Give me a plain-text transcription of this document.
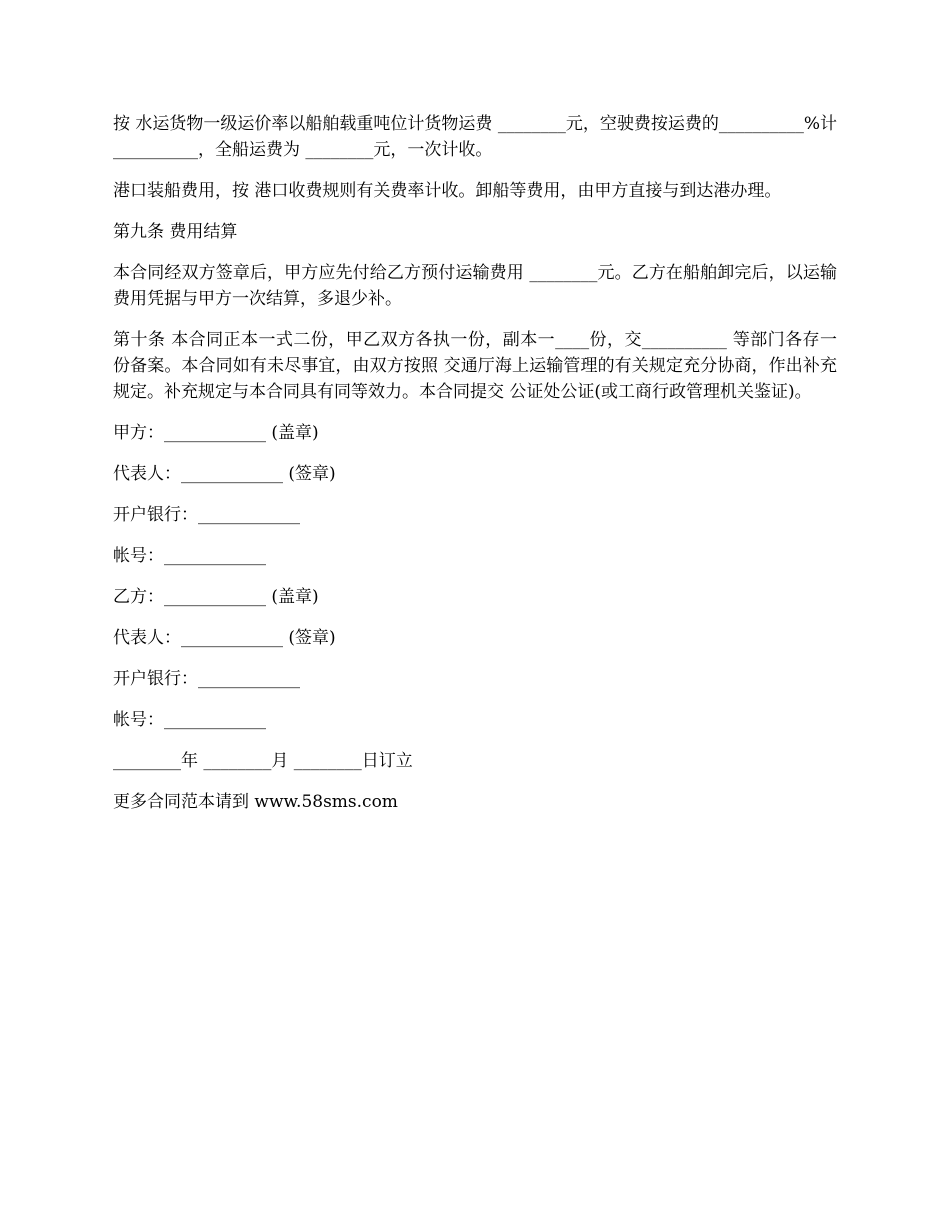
按 水运货物一级运价率以船舶载重吨位计货物运费 ________元，空驶费按运费的__________%计__________，全船运费为 ________元，一次计收。

港口装船费用，按 港口收费规则有关费率计收。卸船等费用，由甲方直接与到达港办理。

第九条 费用结算

本合同经双方签章后，甲方应先付给乙方预付运输费用 ________元。乙方在船舶卸完后，以运输费用凭据与甲方一次结算，多退少补。

第十条 本合同正本一式二份，甲乙双方各执一份，副本一____份，交__________ 等部门各存一份备案。本合同如有未尽事宜，由双方按照 交通厅海上运输管理的有关规定充分协商，作出补充规定。补充规定与本合同具有同等效力。本合同提交 公证处公证(或工商行政管理机关鉴证)。

甲方：____________ (盖章)
代表人：____________ (签章)
开户银行：____________
帐号：____________
乙方：____________ (盖章)
代表人：____________ (签章)
开户银行：____________
帐号：____________
________年 ________月 ________日订立
更多合同范本请到 www.58sms.com
